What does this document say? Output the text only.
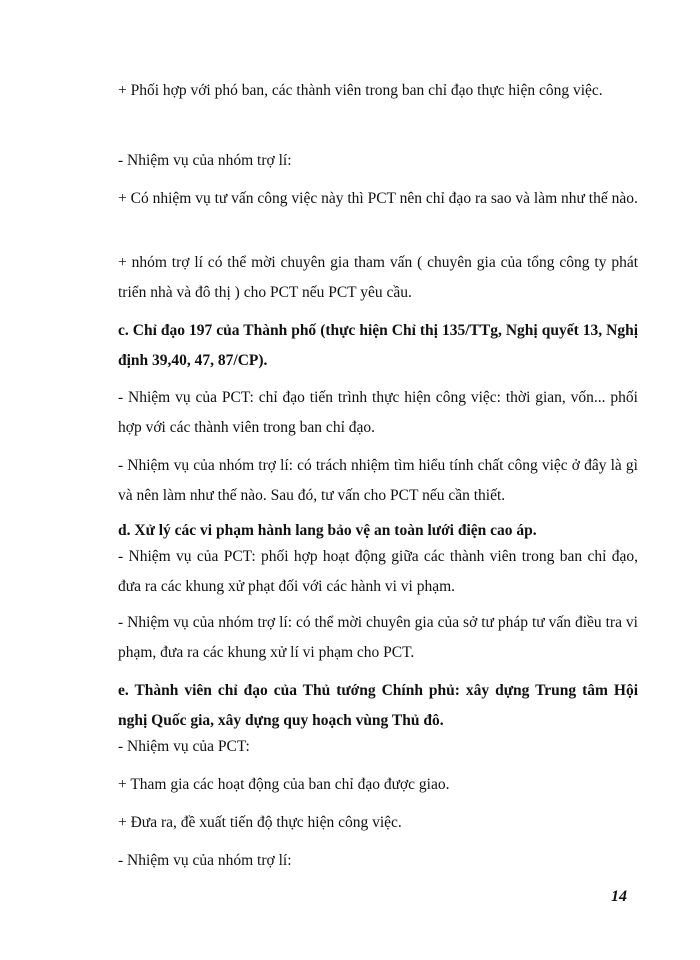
+ Phối hợp với phó ban, các thành viên trong ban chỉ đạo thực hiện công việc.

- Nhiệm vụ của nhóm trợ lí:

+ Có nhiệm vụ tư vấn công việc này thì PCT nên chỉ đạo ra sao và làm như thế nào.

+ nhóm trợ lí có thể mời chuyên gia tham vấn ( chuyên gia của tổng công ty phát triển nhà và đô thị ) cho PCT nếu PCT yêu cầu.

c. Chỉ đạo 197 của Thành phố (thực hiện Chỉ thị 135/TTg, Nghị quyết 13, Nghị định 39,40, 47, 87/CP).

- Nhiệm vụ của PCT: chỉ đạo tiến trình thực hiện công việc: thời gian, vốn... phối hợp với các thành viên trong ban chỉ đạo.

- Nhiệm vụ của nhóm trợ lí: có trách nhiệm tìm hiểu tính chất công việc ở đây là gì và nên làm như thế nào. Sau đó, tư vấn cho PCT nếu cần thiết.

d. Xử lý các vi phạm hành lang bảo vệ an toàn lưới điện cao áp.

- Nhiệm vụ của PCT: phối hợp hoạt động giữa các thành viên trong ban chỉ đạo, đưa ra các khung xử phạt đối với các hành vi vi phạm.

- Nhiệm vụ của nhóm trợ lí: có thể mời chuyên gia của sở tư pháp tư vấn điều tra vi phạm, đưa ra các khung xử lí vi phạm cho PCT.

e. Thành viên chỉ đạo của Thủ tướng Chính phủ: xây dựng Trung tâm Hội nghị Quốc gia, xây dựng quy hoạch vùng Thủ đô.

- Nhiệm vụ của PCT:

+ Tham gia các hoạt động của ban chỉ đạo được giao.

+ Đưa ra, đề xuất tiến độ thực hiện công việc.

- Nhiệm vụ của nhóm trợ lí:

14
